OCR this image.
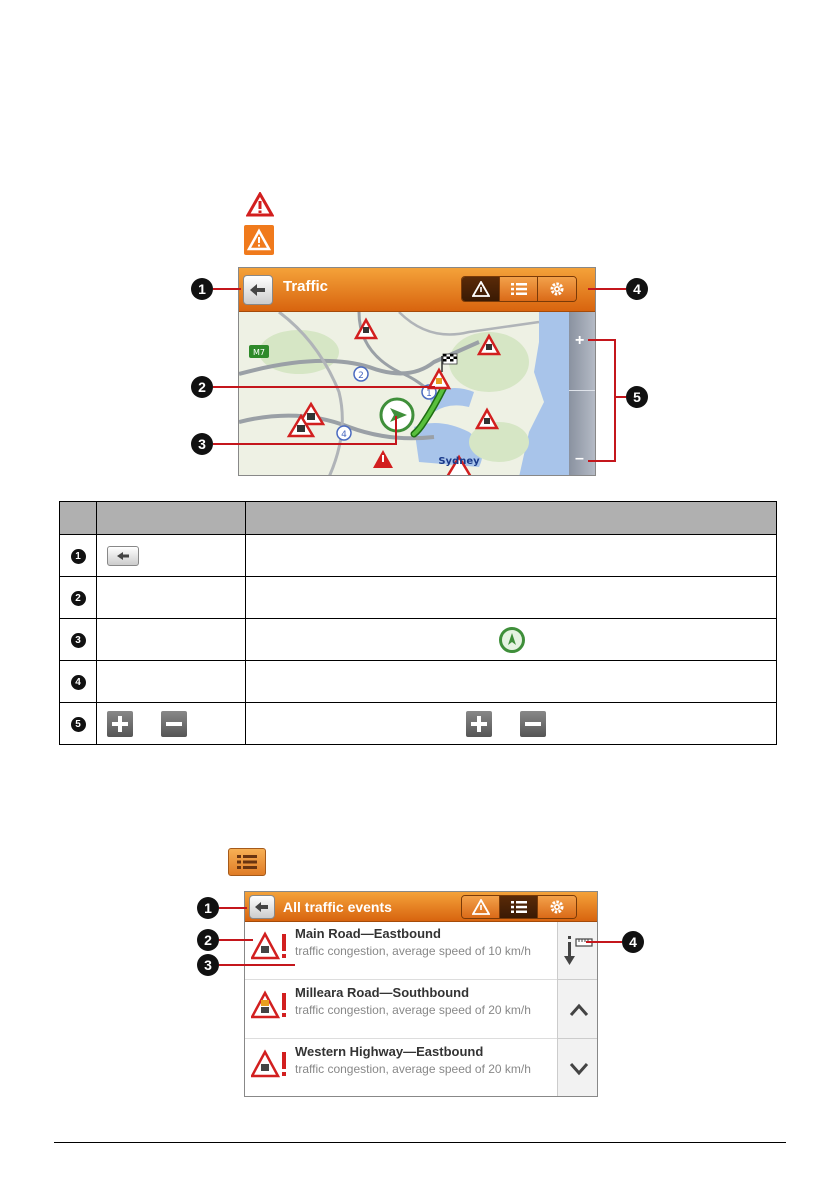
Traffic
M7
2
1
4
Sydney
+
–
1
2
3
4
5

1		
2		
3		
4		
5		
All traffic events
Main Road—Eastbound
traffic congestion, average speed of 10 km/h
Milleara Road—Southbound
traffic congestion, average speed of 20 km/h
Western Highway—Eastbound
traffic congestion, average speed of 20 km/h
1
2
3
4
